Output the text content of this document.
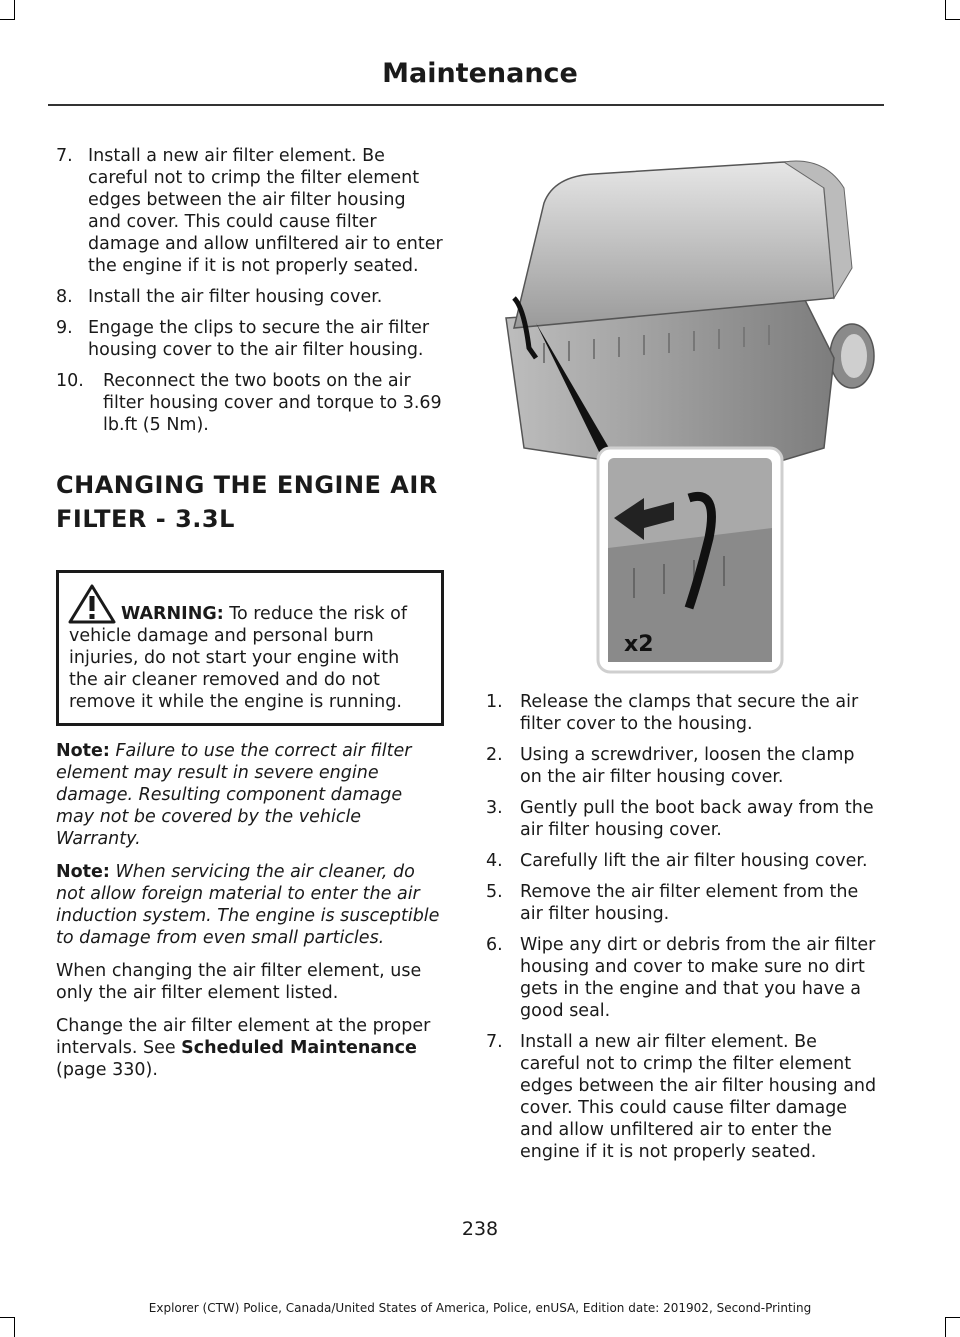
Maintenance
7. Install a new air filter element. Be careful not to crimp the filter element edges between the air filter housing and cover. This could cause filter damage and allow unfiltered air to enter the engine if it is not properly seated.
8. Install the air filter housing cover.
9. Engage the clips to secure the air filter housing cover to the air filter housing.
10.	Reconnect the two boots on the air filter housing cover and torque to 3.69 lb.ft (5 Nm).
CHANGING THE ENGINE AIR
FILTER - 3.3L
WARNING: To reduce the risk of vehicle damage and personal burn injuries, do not start your engine with the air cleaner removed and do not remove it while the engine is running.

Note: Failure to use the correct air filter element may result in severe engine damage. Resulting component damage may not be covered by the vehicle Warranty.

Note: When servicing the air cleaner, do not allow foreign material to enter the air induction system. The engine is susceptible to damage from even small particles.

When changing the air filter element, use only the air filter element listed.

Change the air filter element at the proper intervals. See Scheduled Maintenance (page 330).

x2
1. Release the clamps that secure the air filter cover to the housing.
2. Using a screwdriver, loosen the clamp on the air filter housing cover.
3. Gently pull the boot back away from the air filter housing cover.
4. Carefully lift the air filter housing cover.
5. Remove the air filter element from the air filter housing.
6. Wipe any dirt or debris from the air filter housing and cover to make sure no dirt gets in the engine and that you have a good seal.
7. Install a new air filter element. Be careful not to crimp the filter element edges between the air filter housing and cover. This could cause filter damage and allow unfiltered air to enter the engine if it is not properly seated.
238
Explorer (CTW) Police, Canada/United States of America, Police, enUSA, Edition date: 201902, Second-Printing
